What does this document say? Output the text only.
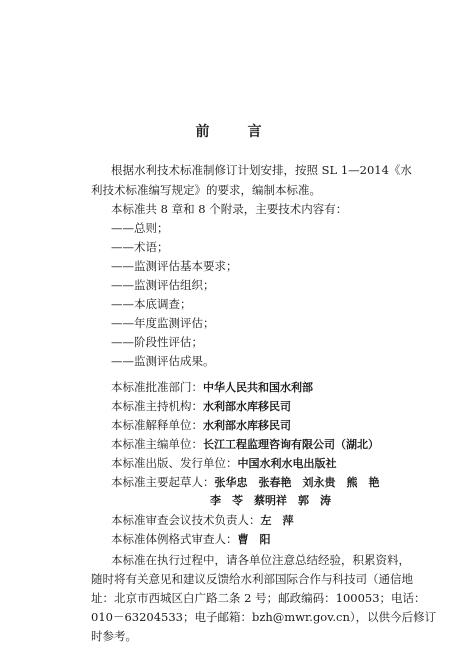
前　言
根据水利技术标准制修订计划安排，按照 SL 1—2014《水
利技术标准编写规定》的要求，编制本标准。
本标准共 8 章和 8 个附录，主要技术内容有：
——总则；
——术语；
——监测评估基本要求；
——监测评估组织；
——本底调查；
——年度监测评估；
——阶段性评估；
——监测评估成果。
本标准批准部门：中华人民共和国水利部
本标准主持机构：水利部水库移民司
本标准解释单位：水利部水库移民司
本标准主编单位：长江工程监理咨询有限公司（湖北）
本标准出版、发行单位：中国水利水电出版社
本标准主要起草人：张华忠　张春艳　刘永贵　熊　艳
李　苓　蔡明祥　郭　涛
本标准审查会议技术负责人：左　萍
本标准体例格式审查人：曹　阳
本标准在执行过程中，请各单位注意总结经验，积累资料，
随时将有关意见和建议反馈给水利部国际合作与科技司（通信地
址：北京市西城区白广路二条 2 号；邮政编码：100053；电话：
010－63204533；电子邮箱：bzh@mwr.gov.cn），以供今后修订
时参考。
